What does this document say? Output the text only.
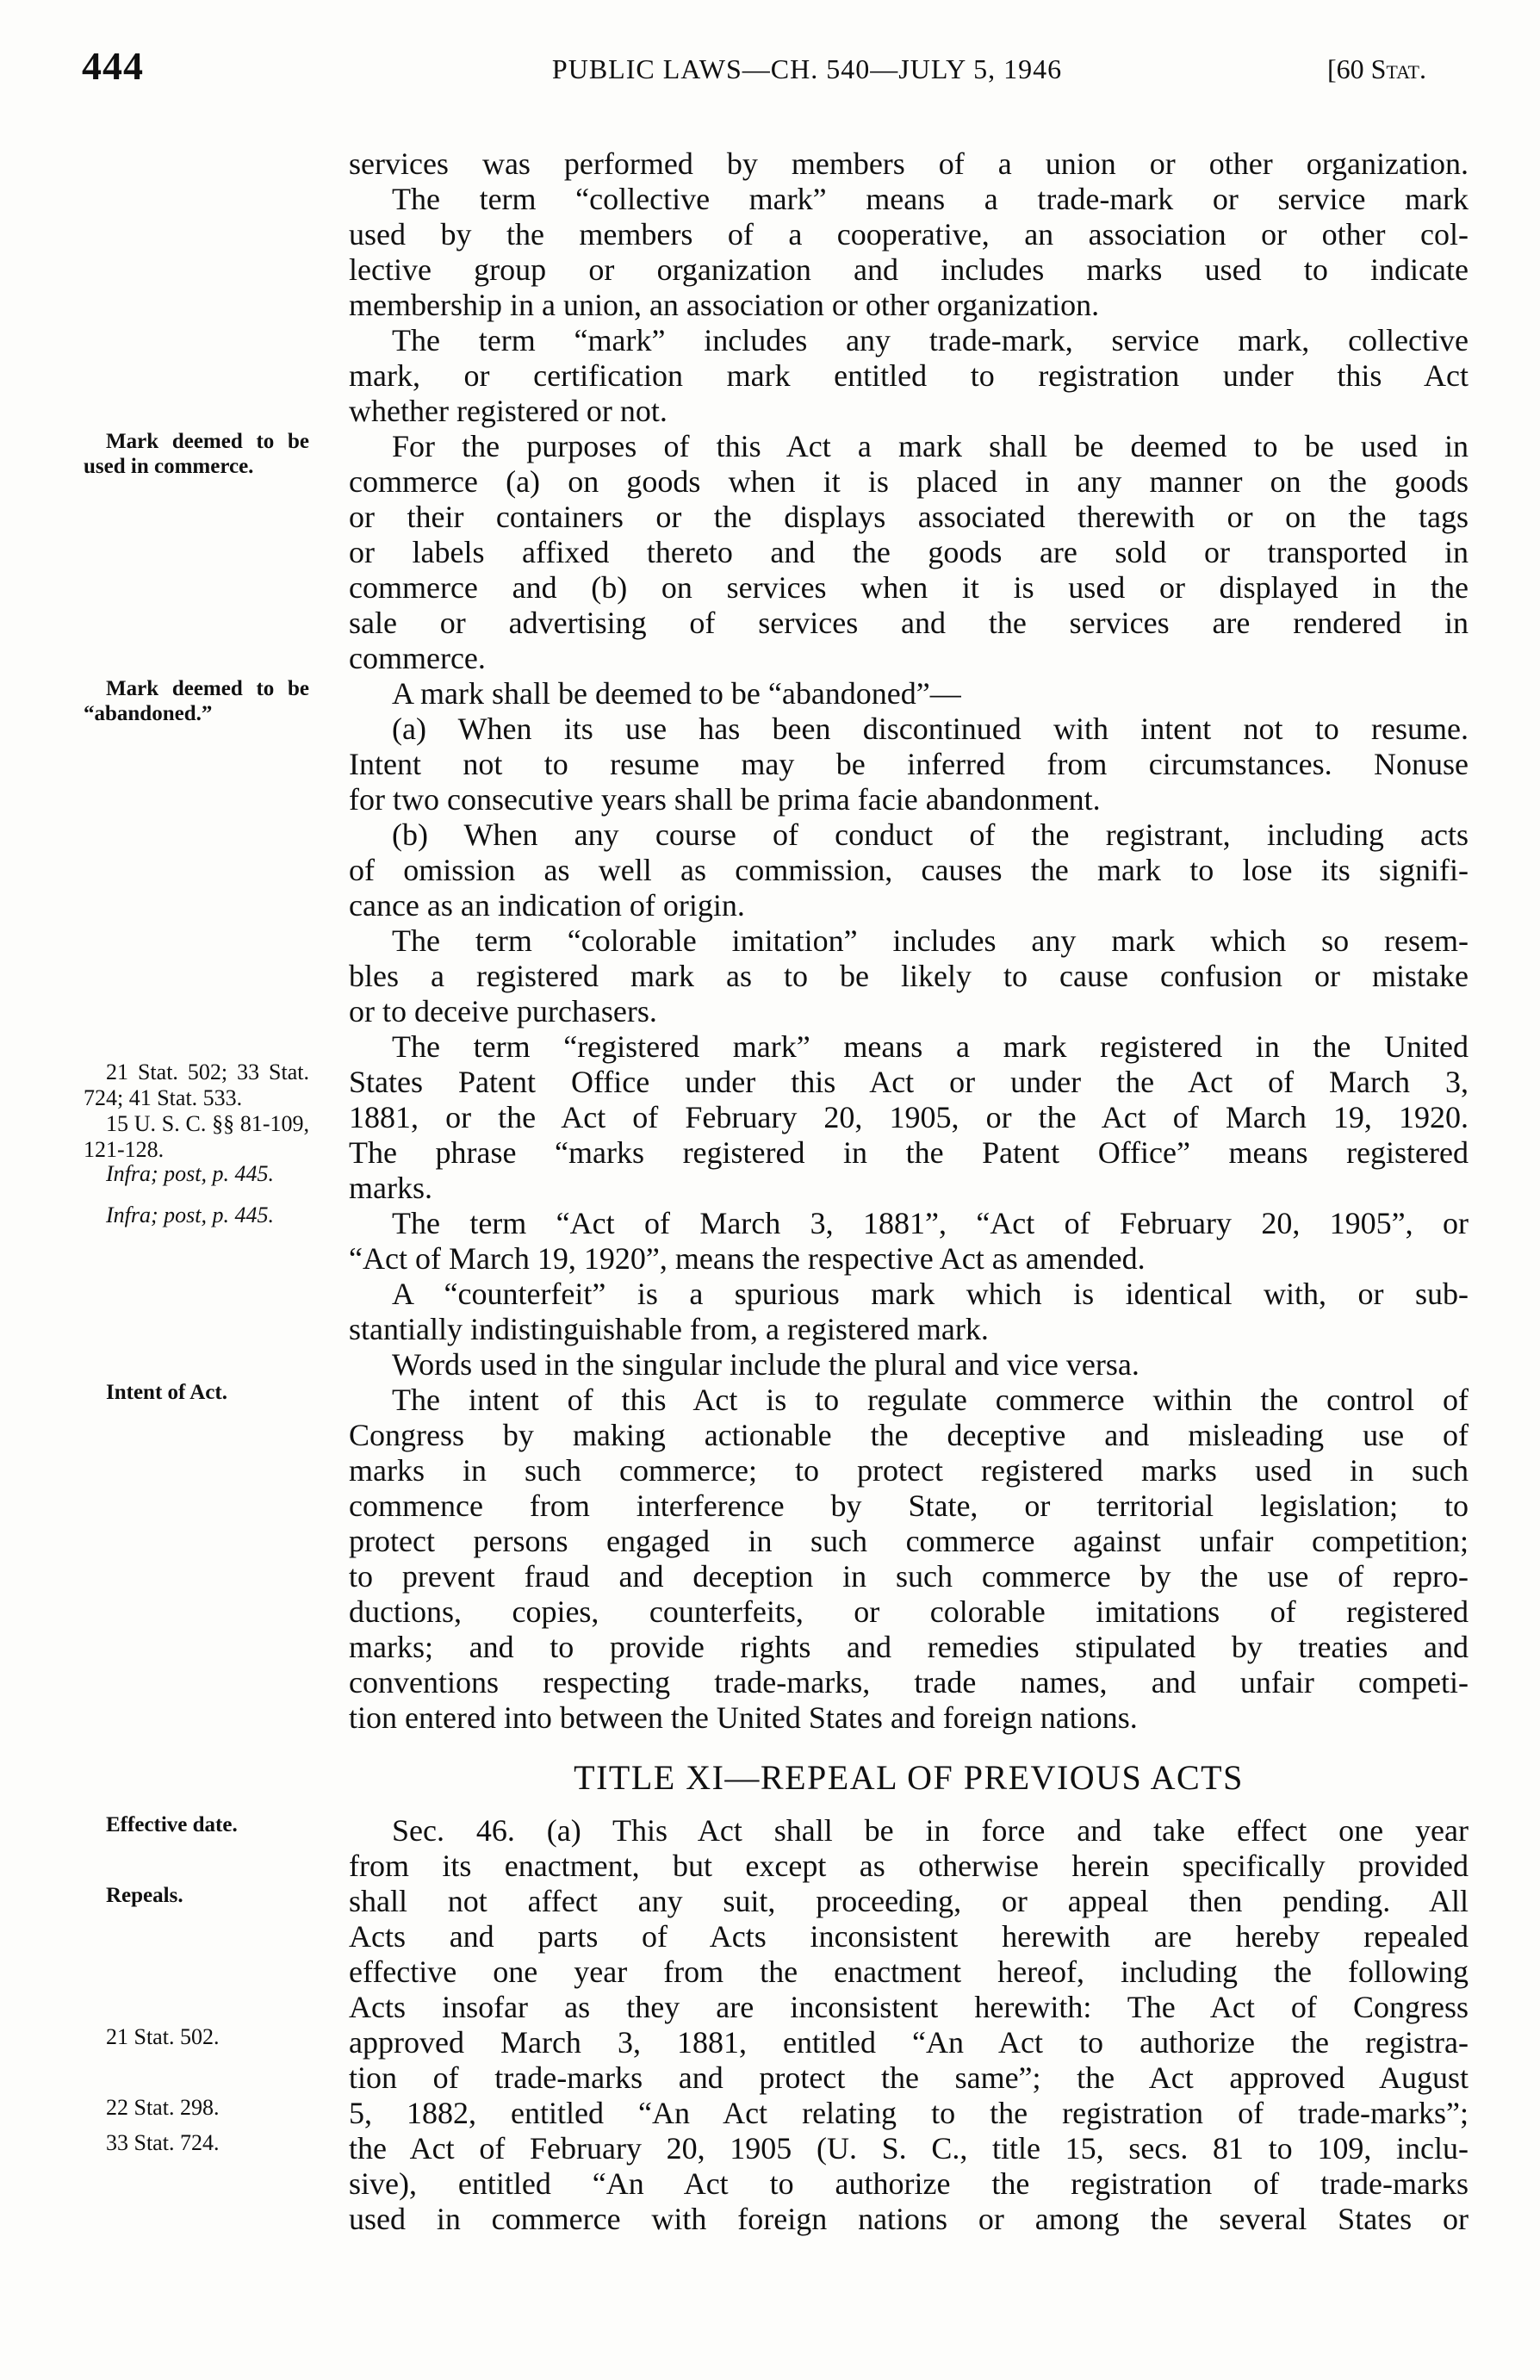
444	PUBLIC LAWS—CH. 540—JULY 5, 1946	[60 Stat.
services was performed by members of a union or other organization.
The term “collective mark” means a trade-mark or service mark
used by the members of a cooperative, an association or other col-
lective group or organization and includes marks used to indicate
membership in a union, an association or other organization.
The term “mark” includes any trade-mark, service mark, collective
mark, or certification mark entitled to registration under this Act
whether registered or not.
For the purposes of this Act a mark shall be deemed to be used in
commerce (a) on goods when it is placed in any manner on the goods
or their containers or the displays associated therewith or on the tags
or labels affixed thereto and the goods are sold or transported in
commerce and (b) on services when it is used or displayed in the
sale or advertising of services and the services are rendered in
commerce.
A mark shall be deemed to be “abandoned”—
(a) When its use has been discontinued with intent not to resume.
Intent not to resume may be inferred from circumstances. Nonuse
for two consecutive years shall be prima facie abandonment.
(b) When any course of conduct of the registrant, including acts
of omission as well as commission, causes the mark to lose its signifi-
cance as an indication of origin.
The term “colorable imitation” includes any mark which so resem-
bles a registered mark as to be likely to cause confusion or mistake
or to deceive purchasers.
The term “registered mark” means a mark registered in the United
States Patent Office under this Act or under the Act of March 3,
1881, or the Act of February 20, 1905, or the Act of March 19, 1920.
The phrase “marks registered in the Patent Office” means registered
marks.
The term “Act of March 3, 1881”, “Act of February 20, 1905”, or
“Act of March 19, 1920”, means the respective Act as amended.
A “counterfeit” is a spurious mark which is identical with, or sub-
stantially indistinguishable from, a registered mark.
Words used in the singular include the plural and vice versa.
The intent of this Act is to regulate commerce within the control of
Congress by making actionable the deceptive and misleading use of
marks in such commerce; to protect registered marks used in such
commence from interference by State, or territorial legislation; to
protect persons engaged in such commerce against unfair competition;
to prevent fraud and deception in such commerce by the use of repro-
ductions, copies, counterfeits, or colorable imitations of registered
marks; and to provide rights and remedies stipulated by treaties and
conventions respecting trade-marks, trade names, and unfair competi-
tion entered into between the United States and foreign nations.
TITLE XI—REPEAL OF PREVIOUS ACTS
Sec. 46. (a) This Act shall be in force and take effect one year
from its enactment, but except as otherwise herein specifically provided
shall not affect any suit, proceeding, or appeal then pending. All
Acts and parts of Acts inconsistent herewith are hereby repealed
effective one year from the enactment hereof, including the following
Acts insofar as they are inconsistent herewith: The Act of Congress
approved March 3, 1881, entitled “An Act to authorize the registra-
tion of trade-marks and protect the same”; the Act approved August
5, 1882, entitled “An Act relating to the registration of trade-marks”;
the Act of February 20, 1905 (U. S. C., title 15, secs. 81 to 109, inclu-
sive), entitled “An Act to authorize the registration of trade-marks
used in commerce with foreign nations or among the several States or
Mark deemed to be used in commerce.
Mark deemed to be “abandoned.”
21 Stat. 502; 33 Stat. 724; 41 Stat. 533.
15 U. S. C. §§ 81-109, 121-128.
Infra; post, p. 445.
Infra; post, p. 445.
Intent of Act.
Effective date.
Repeals.
21 Stat. 502.
22 Stat. 298.
33 Stat. 724.
